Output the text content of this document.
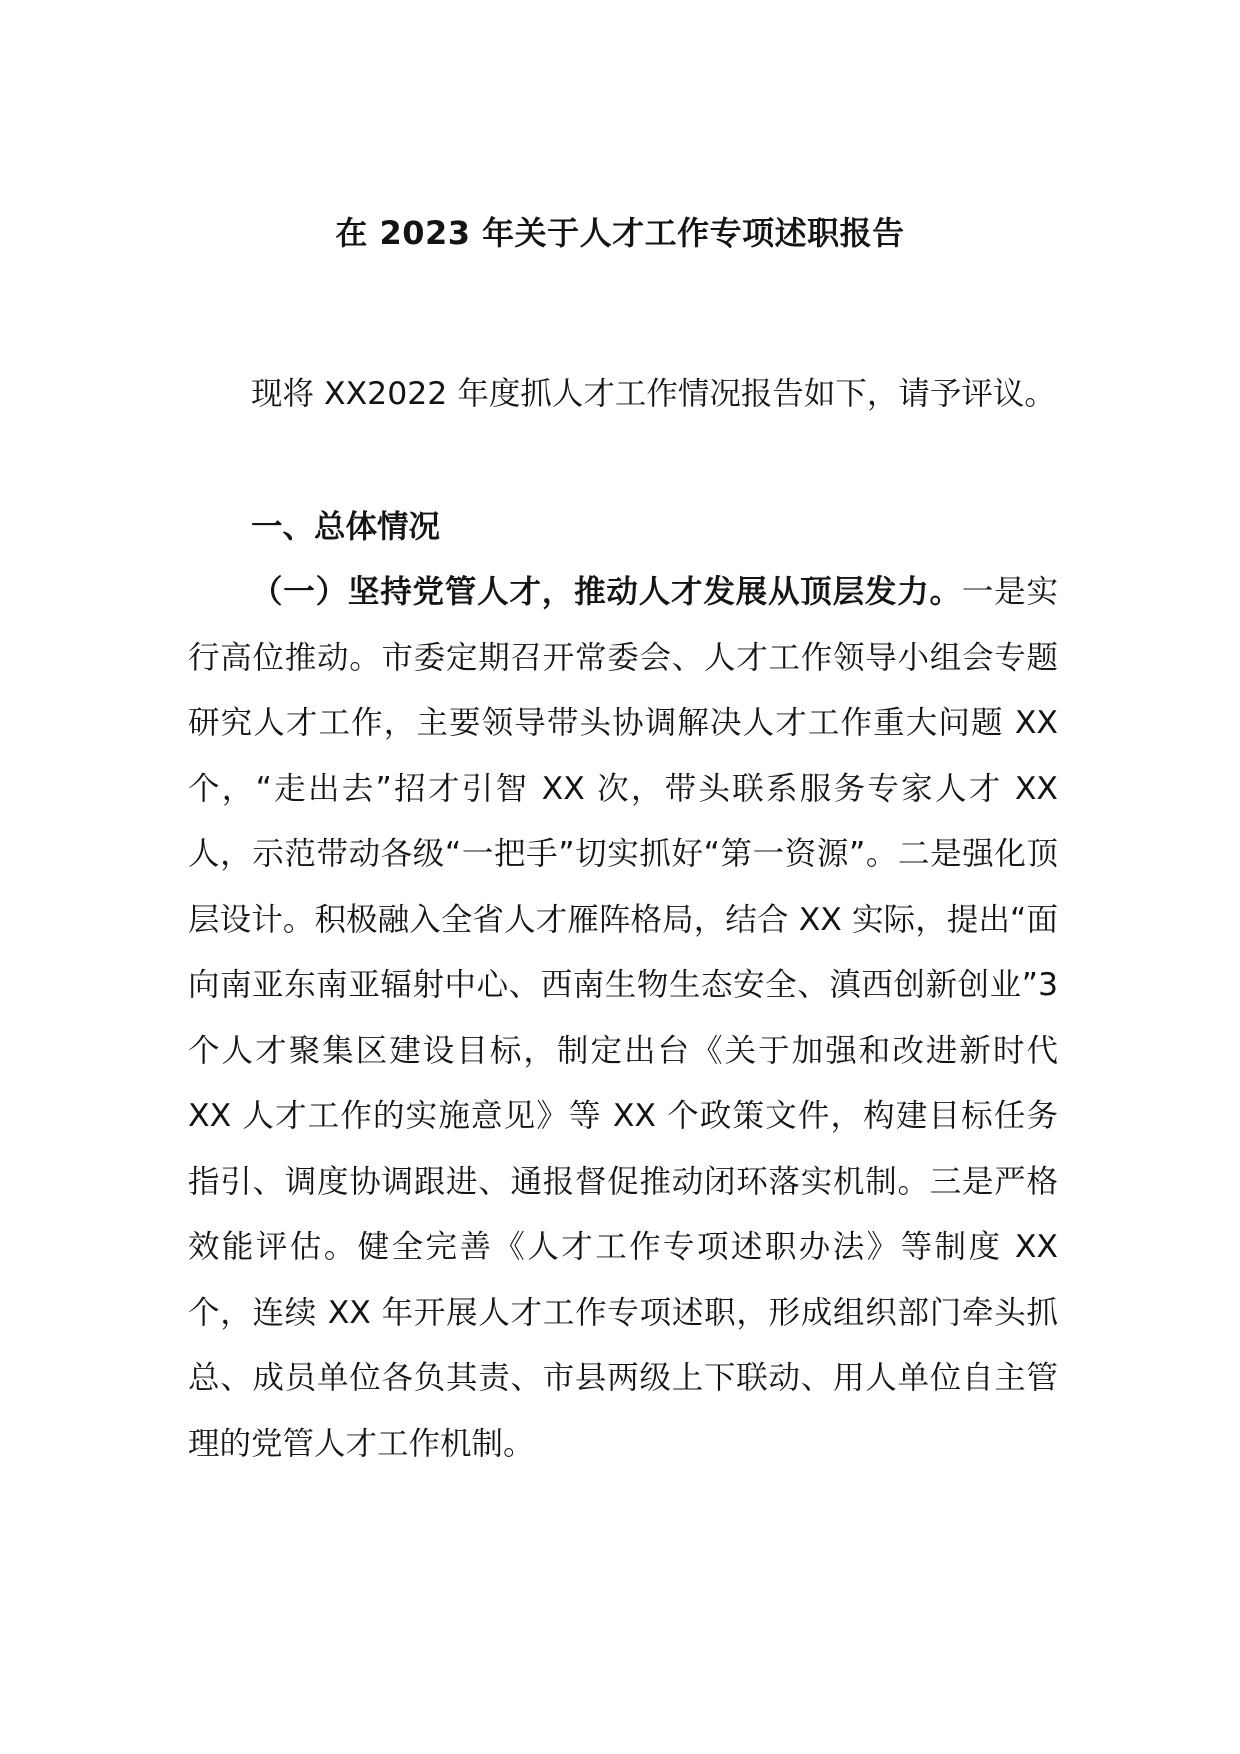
在 2023 年关于人才工作专项述职报告

现将 XX2022 年度抓人才工作情况报告如下，请予评议。

一、总体情况

（一）坚持党管人才，推动人才发展从顶层发力。一是实行高位推动。市委定期召开常委会、人才工作领导小组会专题研究人才工作，主要领导带头协调解决人才工作重大问题 XX 个，“走出去”招才引智 XX 次，带头联系服务专家人才 XX 人，示范带动各级“一把手”切实抓好“第一资源”。二是强化顶层设计。积极融入全省人才雁阵格局，结合 XX 实际，提出“面向南亚东南亚辐射中心、西南生物生态安全、滇西创新创业”3 个人才聚集区建设目标，制定出台《关于加强和改进新时代 XX 人才工作的实施意见》等 XX 个政策文件，构建目标任务指引、调度协调跟进、通报督促推动闭环落实机制。三是严格效能评估。健全完善《人才工作专项述职办法》等制度 XX 个，连续 XX 年开展人才工作专项述职，形成组织部门牵头抓总、成员单位各负其责、市县两级上下联动、用人单位自主管理的党管人才工作机制。
